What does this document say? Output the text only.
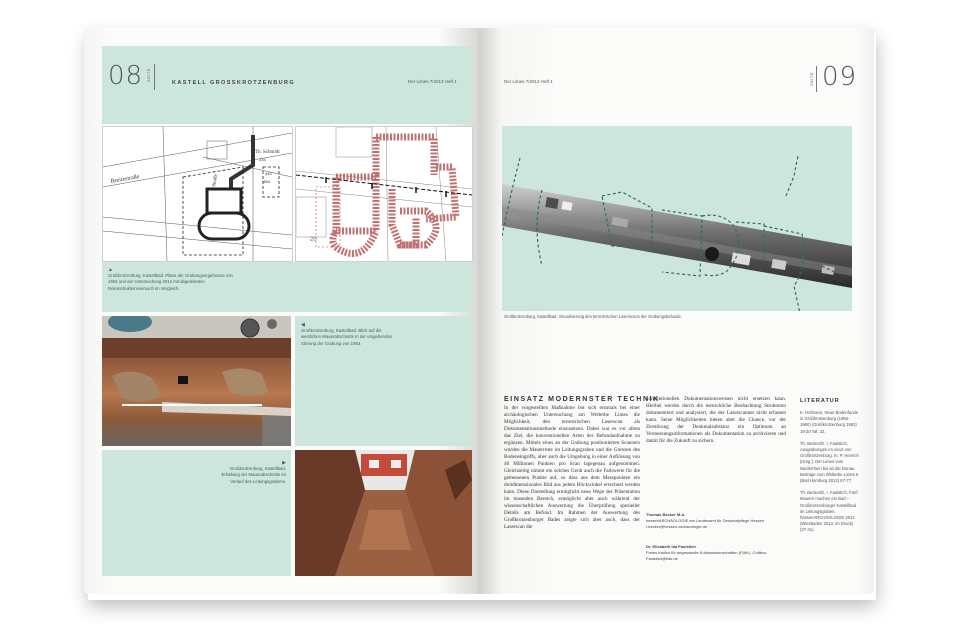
08 SEITE
KASTELL GROSSKROTZENBURG	Der Limes 7/2013 Heft 1
Breitestraße	Straße
Th. Schmidt
234
440
458
20
▲
Großkrotzenburg, Kastellbad. Pläne der Grabungsergebnisse von 1963 und der Untersuchung 2012 mit abgeleitetem Rekonstruktionsversuch im Vergleich.
◀
Großkrotzenburg, Kastellbad. Blick auf die westlichen Mauerabschnitte in der umgebenden Störung der Grabung von 1963.
▶
Großkrotzenburg, Kastellbad. Erhaltung der Mauerabschnitte im Verlauf des Leitungsgrabens.
Der Limes 7/2013 Heft 1	SEITE 09
Großkrotzenburg, Kastellbad. Visualisierung des terrestrischen Laserscans der Grabungsbefunde.
EINSATZ MODERNSTER TECHNIK
In der vorgestellten Maßnahme bot sich erstmals bei einer archäologischen Untersuchung am Welterbe Limes die Möglichkeit, den terrestrischen Laserscan als Dokumentationsmethode einzusetzen. Dabei war es vor allem das Ziel, die konventionellen Arten der Befundaufnahme zu ergänzen. Mittels eines an der Grabung positionierten Scanners wurden die Mauerreste im Leitungsgraben und die Grenzen des Bodeneingriffs, aber auch die Umgebung in einer Auflösung von 40 Millionen Punkten pro Scan lagegenau aufgenommen. Gleichzeitig nimmt ein solches Gerät auch die Farbwerte für die gemessenen Punkte auf, so dass aus dem Messpunkten ein dreidimensionales Bild aus jedem Blickwinkel errechnet werden kann. Diese Darstellung ermöglicht neue Wege der Präsentation im musealen Bereich, ermöglicht aber auch während der wissenschaftlichen Auswertung die Überprüfung spezieller Details am Befund. Im Rahmen der Auswertung des Großkrotzenburger Bades zeigte sich aber auch, dass der Laserscan die
konventionellen Dokumentationsweisen nicht ersetzen kann. Hierbei werden durch die menschliche Beobachtung Strukturen dokumentiert und analysiert, die der Laserscanner nicht erfassen kann. Seine Möglichkeiten bieten aber die Chance, vor der Zerstörung der Denkmalsubstanz ein Optimum an Vermessungsinformationen als Dokumentation zu archivieren und damit für die Zukunft zu sichern.
Thomas Becker M.A.
hessenARCHÄOLOGIE am Landesamt für Denkmalpflege Hessen
t.becker@hessen-archaeologie.de
Dr. Elisabeth Ida Faulstich
Freies Institut für angewandte Kulturwissenschaften (FIAK), Cottbus
Faulstich@fiak.de
LITERATUR

K. Hofmann, Neue Bodenfunde in Großkrotzenburg (1956-1960) (Großkrotzenburg 1963) 18-20 Taf. 22.

Th. Becker/E. I. Faulstich, Ausgrabungen im vicus von Großkrotzenburg. In: P. Henrich (Hrsg.), Der Limes vom Niederrhein bis an die Donau. Beiträge zum Welterbe Limes 6 (Bad Homburg 2012) 67-77.

Th. Becker/E. I. Faulstich, Fünf Mauern machen ein Bad – Großkrotzenburger Kastellbad im Leitungsgraben. hessenARCHÄOLOGIE 2012 (Wiesbaden 2013, im Druck) (37-41).
